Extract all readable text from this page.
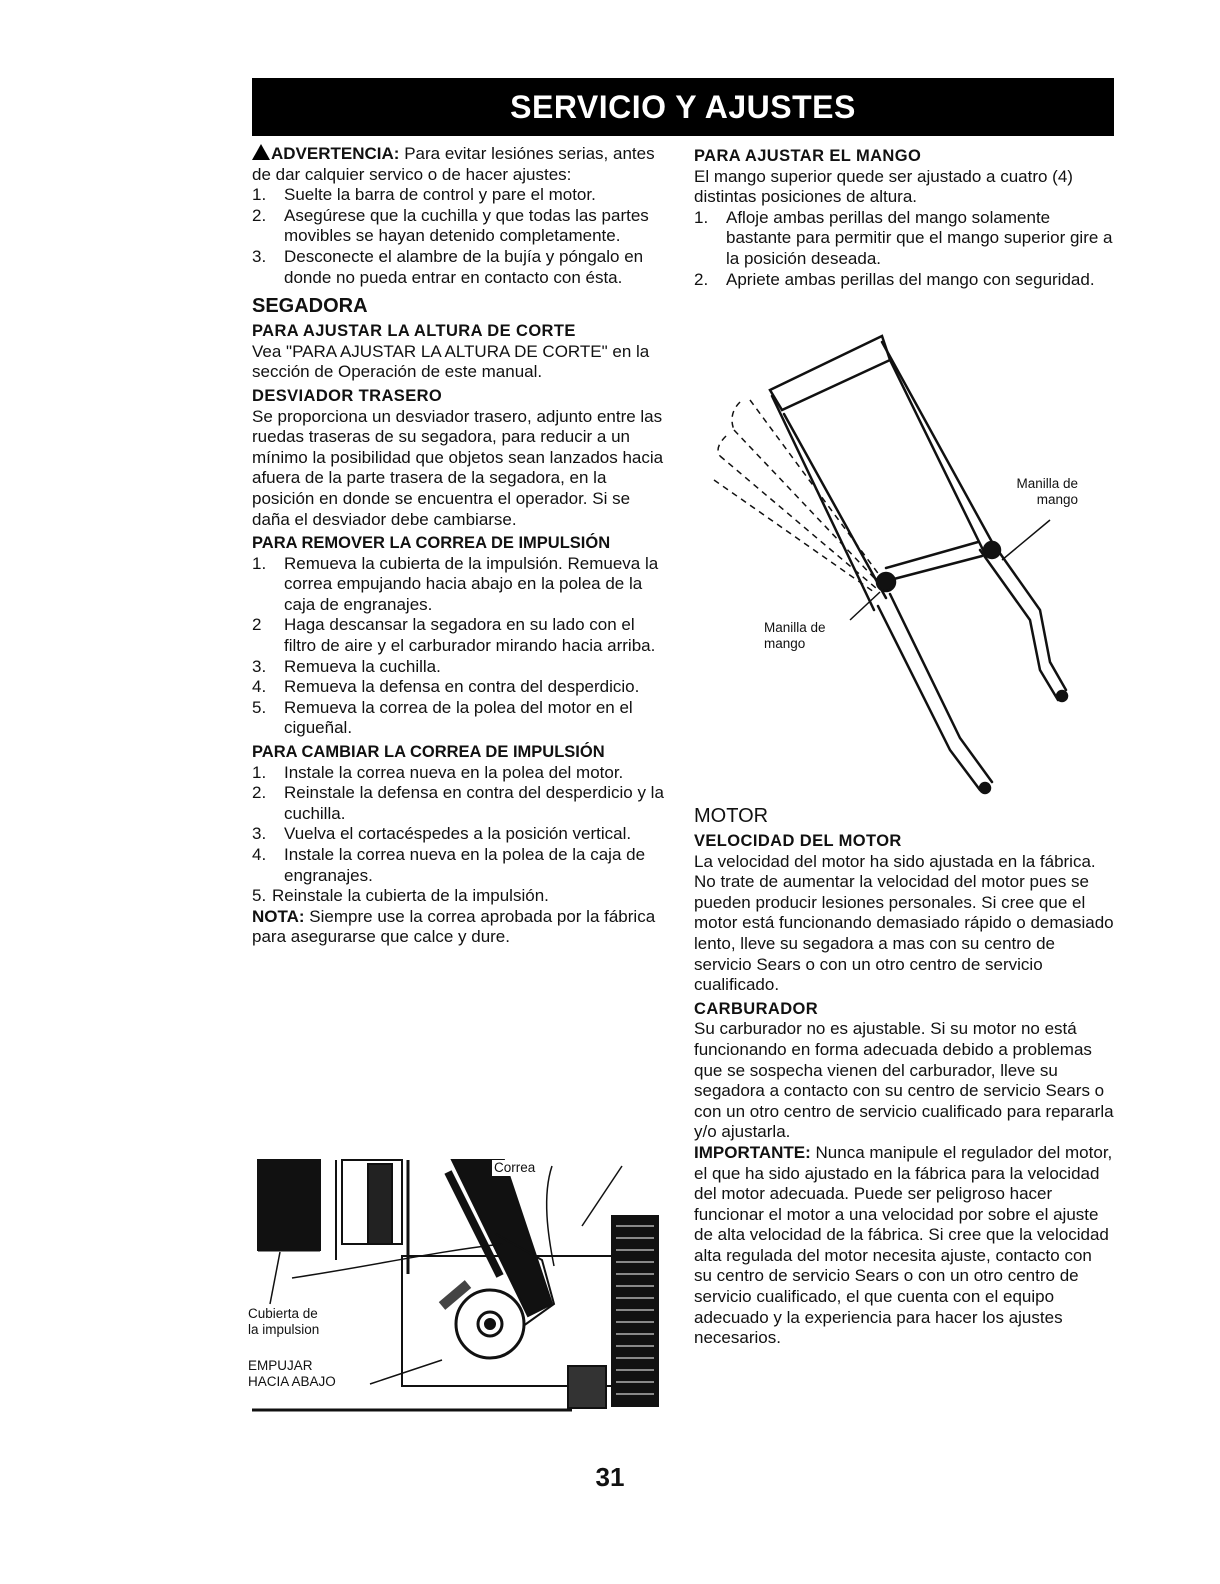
SERVICIO Y AJUSTES

ADVERTENCIA: Para evitar lesiónes serias, antes de dar calquier servico o de hacer ajustes:

1.	Suelte la barra de control y pare el motor.
2.	Asegúrese que la cuchilla y que todas las partes movibles se hayan detenido completamente.
3.	Desconecte el alambre de la bujía y póngalo en donde no pueda entrar en contacto con ésta.
SEGADORA
PARA AJUSTAR LA ALTURA DE CORTE

Vea "PARA AJUSTAR LA ALTURA DE CORTE" en la sección de Operación de este manual.

DESVIADOR TRASERO

Se proporciona un desviador trasero, adjunto entre las ruedas traseras de su segadora, para reducir a un mínimo la posibilidad que objetos sean lanzados hacia afuera de la parte trasera de la segadora, en la posición en donde se encuentra el operador. Si se daña el desviador debe cambiarse.

PARA REMOVER LA CORREA DE IMPULSIÓN
1.	Remueva la cubierta de la impulsión. Remueva la correa empujando hacia abajo en la polea de la caja de engranajes.
2	Haga descansar la segadora en su lado con el filtro de aire y el carburador mirando hacia arriba.
3.	Remueva la cuchilla.
4.	Remueva la defensa en contra del desperdicio.
5.	Remueva la correa de la polea del motor en el cigueñal.
PARA CAMBIAR LA CORREA DE IMPULSIÓN
1.	Instale la correa nueva en la polea del motor.
2.	Reinstale la defensa en contra del desperdicio y la cuchilla.
3.	Vuelva el cortacéspedes a la posición vertical.
4.	Instale la correa nueva en la polea de la caja de engranajes.
5. Reinstale la cubierta de la impulsión.

NOTA: Siempre use la correa aprobada por la fábrica para asegurarse que calce y dure.

Correa
Cubierta de
la impulsion
EMPUJAR
HACIA ABAJO
PARA AJUSTAR EL MANGO

El mango superior quede ser ajustado a cuatro (4) distintas posiciones de altura.

1.	Afloje ambas perillas del mango solamente bastante para permitir que el mango superior gire a la posición deseada.
2.	Apriete ambas perillas del mango con seguridad.
Manilla de
mango
Manilla de
mango
MOTOR
VELOCIDAD DEL MOTOR

La velocidad del motor ha sido ajustada en la fábrica. No trate de aumentar la velocidad del motor pues se pueden producir lesiones personales. Si cree que el motor está funcionando demasiado rápido o demasiado lento, lleve su segadora a mas con su centro de servicio Sears o con un otro centro de servicio cualificado.

CARBURADOR

Su carburador no es ajustable. Si su motor no está funcionando en forma adecuada debido a problemas que se sospecha vienen del carburador, lleve su segadora a contacto con su centro de servicio Sears o con un otro centro de servicio cualificado para repararla y/o ajustarla.

IMPORTANTE: Nunca manipule el regulador del motor, el que ha sido ajustado en la fábrica para la velocidad del motor adecuada. Puede ser peligroso hacer funcionar el motor a una velocidad por sobre el ajuste de alta velocidad de la fábrica. Si cree que la velocidad alta regulada del motor necesita ajuste, contacto con su centro de servicio Sears o con un otro centro de servicio cualificado, el que cuenta con el equipo adecuado y la experiencia para hacer los ajustes necesarios.

31
